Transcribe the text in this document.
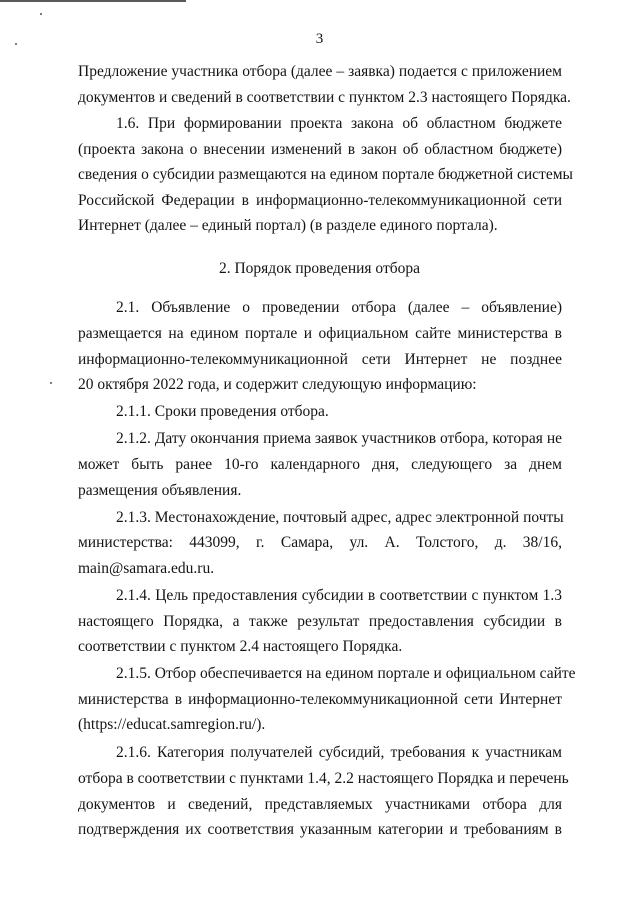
3
Предложение участника отбора (далее – заявка) подается с приложением
документов и сведений в соответствии с пунктом 2.3 настоящего Порядка.
1.6. При формировании проекта закона об областном бюджете
(проекта закона о внесении изменений в закон об областном бюджете)
сведения о субсидии размещаются на едином портале бюджетной системы
Российской Федерации в информационно-телекоммуникационной сети
Интернет (далее – единый портал) (в разделе единого портала).
2. Порядок проведения отбора
2.1. Объявление о проведении отбора (далее – объявление)
размещается на едином портале и официальном сайте министерства в
информационно-телекоммуникационной сети Интернет не позднее
20 октября 2022 года, и содержит следующую информацию:
2.1.1. Сроки проведения отбора.
2.1.2. Дату окончания приема заявок участников отбора, которая не
может быть ранее 10-го календарного дня, следующего за днем
размещения объявления.
2.1.3. Местонахождение, почтовый адрес, адрес электронной почты
министерства: 443099, г. Самара, ул. А. Толстого, д. 38/16,
main@samara.edu.ru.
2.1.4. Цель предоставления субсидии в соответствии с пунктом 1.3
настоящего Порядка, а также результат предоставления субсидии в
соответствии с пунктом 2.4 настоящего Порядка.
2.1.5. Отбор обеспечивается на едином портале и официальном сайте
министерства в информационно-телекоммуникационной сети Интернет
(https://educat.samregion.ru/).
2.1.6. Категория получателей субсидий, требования к участникам
отбора в соответствии с пунктами 1.4, 2.2 настоящего Порядка и перечень
документов и сведений, представляемых участниками отбора для
подтверждения их соответствия указанным категории и требованиям в
